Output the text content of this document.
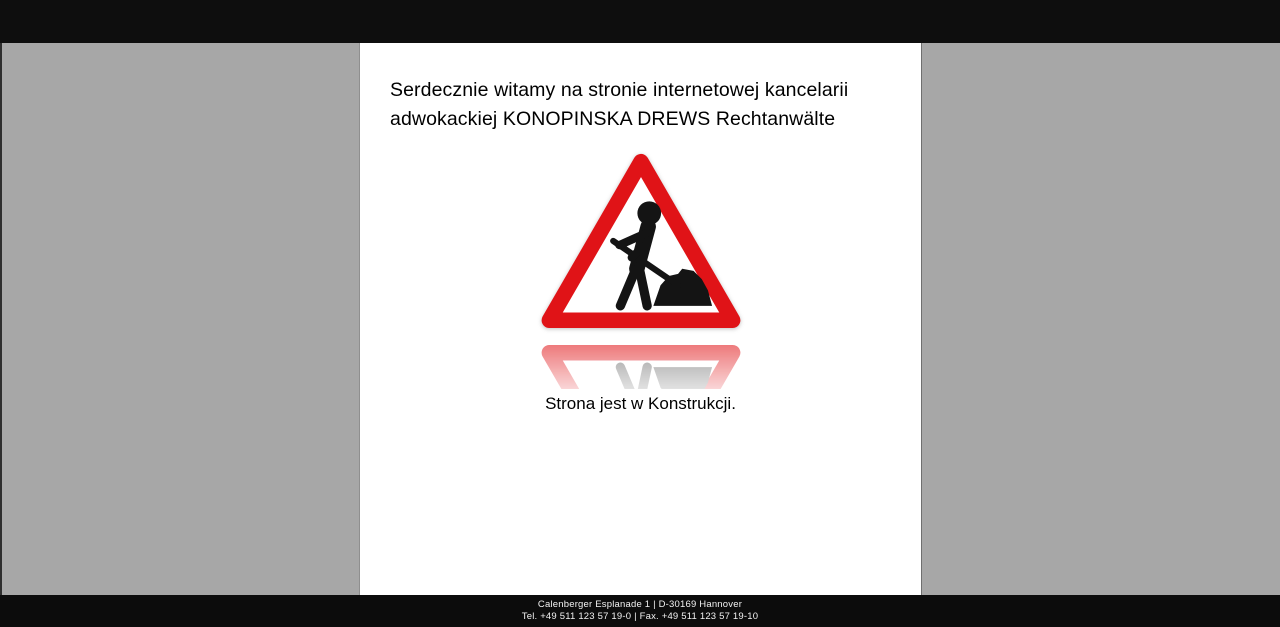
Serdecznie witamy na stronie internetowej kancelarii
adwokackiej KONOPINSKA DREWS Rechtanwälte
Strona jest w Konstrukcji.
Calenberger Esplanade 1 | D-30169 Hannover
Tel. +49 511 123 57 19-0 | Fax. +49 511 123 57 19-10
